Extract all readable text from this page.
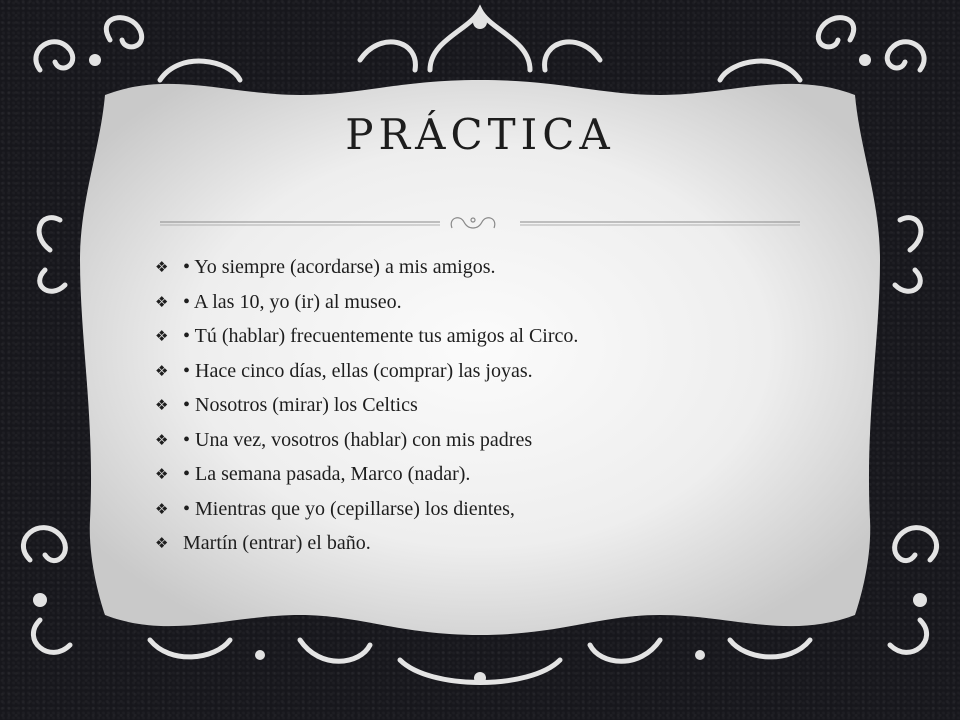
PRÁCTICA
❖ • Yo siempre (acordarse) a mis amigos.
❖ • A las 10, yo (ir) al museo.
❖ • Tú (hablar) frecuentemente tus amigos al Circo.
❖ • Hace cinco días, ellas (comprar) las joyas.
❖ • Nosotros (mirar) los Celtics
❖ • Una vez, vosotros (hablar) con mis padres
❖ • La semana pasada, Marco (nadar).
❖ • Mientras que yo (cepillarse) los dientes,
❖ Martín (entrar) el baño.
